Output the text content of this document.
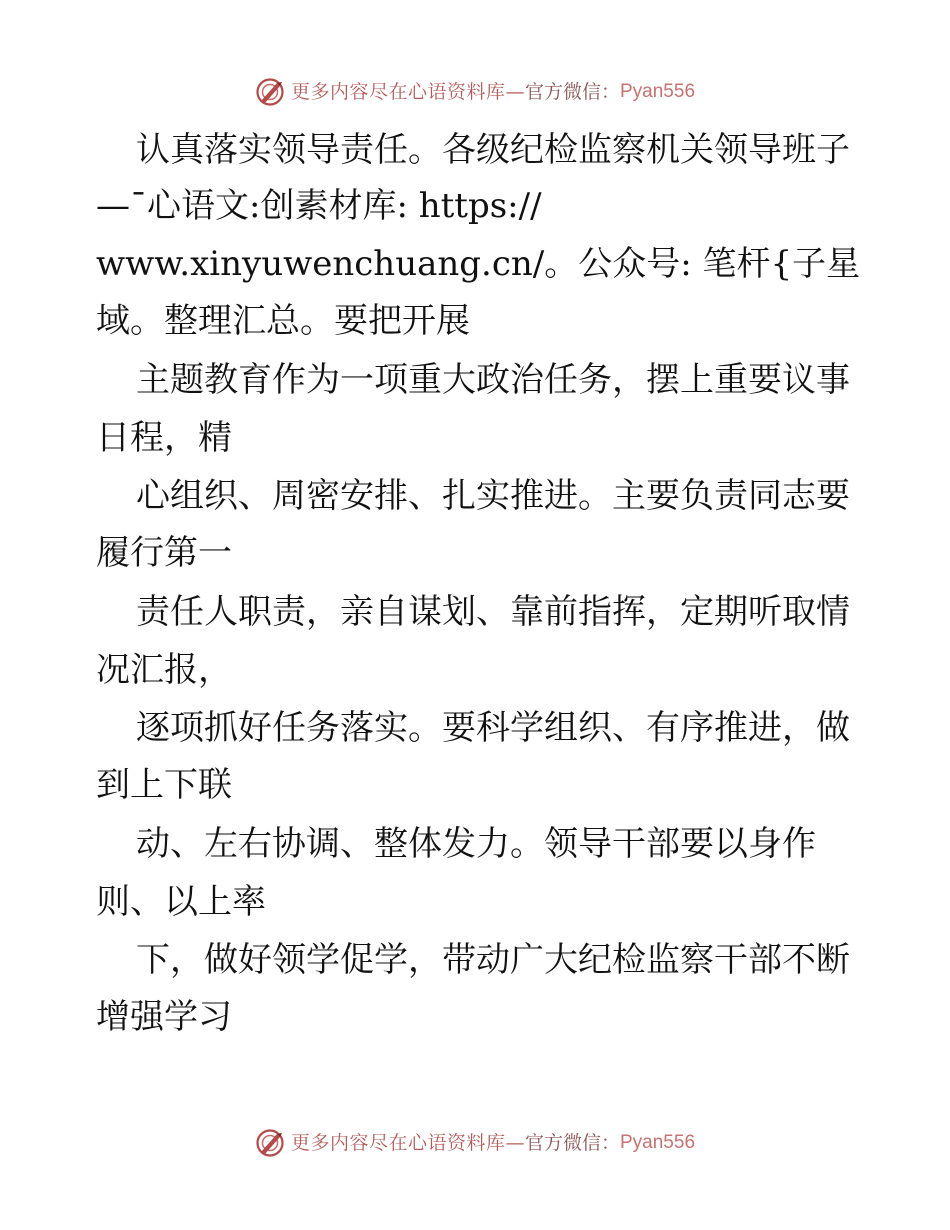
更多内容尽在心语资料库— 官方微信： Pyan556
认真落实领导责任。各级纪检监察机关领导班子
—¯心语文:创素材库: https://
www.xinyuwenchuang.cn/。公众号: 笔杆{子星
域。整理汇总。要把开展
主题教育作为一项重大政治任务，摆上重要议事
日程，精
心组织、周密安排、扎实推进。主要负责同志要
履行第一
责任人职责，亲自谋划、靠前指挥，定期听取情
况汇报，
逐项抓好任务落实。要科学组织、有序推进，做
到上下联
动、左右协调、整体发力。领导干部要以身作
则、以上率
下，做好领学促学，带动广大纪检监察干部不断
增强学习
更多内容尽在心语资料库— 官方微信： Pyan556
